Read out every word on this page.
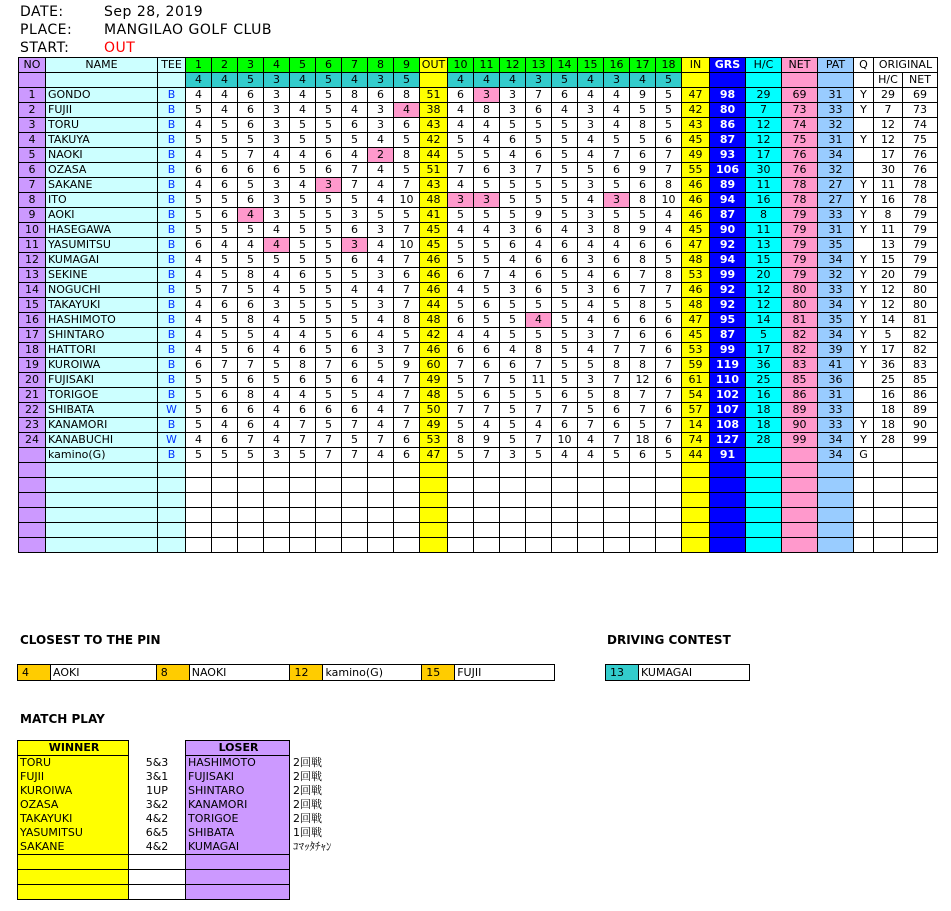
DATE:	Sep 28, 2019
PLACE: MANGILAO GOLF CLUB
START: OUT
NO	NAME	TEE	1	2	3	4	5	6	7	8	9	OUT	10	11	12	13	14	15	16	17	18	IN	GRS	H/C	NET	PAT	Q	ORIGINAL	
			4	4	5	3	4	5	4	3	5		4	4	4	3	5	4	3	4	5							H/C	NET
1	GONDO	B	4	4	6	3	4	5	8	6	8	51	6	3	3	7	6	4	4	9	5	47	98	29	69	31	Y	29	69
2	FUJII	B	5	4	6	3	4	5	4	3	4	38	4	8	3	6	4	3	4	5	5	42	80	7	73	33	Y	7	73
3	TORU	B	4	5	6	3	5	5	6	3	6	43	4	4	5	5	5	3	4	8	5	43	86	12	74	32		12	74
4	TAKUYA	B	5	5	5	3	5	5	5	4	5	42	5	4	6	5	5	4	5	5	6	45	87	12	75	31	Y	12	75
5	NAOKI	B	4	5	7	4	4	6	4	2	8	44	5	5	4	6	5	4	7	6	7	49	93	17	76	34		17	76
6	OZASA	B	6	6	6	6	5	6	7	4	5	51	7	6	3	7	5	5	6	9	7	55	106	30	76	32		30	76
7	SAKANE	B	4	6	5	3	4	3	7	4	7	43	4	5	5	5	5	3	5	6	8	46	89	11	78	27	Y	11	78
8	ITO	B	5	5	6	3	5	5	5	4	10	48	3	3	5	5	5	4	3	8	10	46	94	16	78	27	Y	16	78
9	AOKI	B	5	6	4	3	5	5	3	5	5	41	5	5	5	9	5	3	5	5	4	46	87	8	79	33	Y	8	79
10	HASEGAWA	B	5	5	5	4	5	5	6	3	7	45	4	4	3	6	4	3	8	9	4	45	90	11	79	31	Y	11	79
11	YASUMITSU	B	6	4	4	4	5	5	3	4	10	45	5	5	6	4	6	4	4	6	6	47	92	13	79	35		13	79
12	KUMAGAI	B	4	5	5	5	5	5	6	4	7	46	5	5	4	6	6	3	6	8	5	48	94	15	79	34	Y	15	79
13	SEKINE	B	4	5	8	4	6	5	5	3	6	46	6	7	4	6	5	4	6	7	8	53	99	20	79	32	Y	20	79
14	NOGUCHI	B	5	7	5	4	5	5	4	4	7	46	4	5	3	6	5	3	6	7	7	46	92	12	80	33	Y	12	80
15	TAKAYUKI	B	4	6	6	3	5	5	5	3	7	44	5	6	5	5	5	4	5	8	5	48	92	12	80	34	Y	12	80
16	HASHIMOTO	B	4	5	8	4	5	5	5	4	8	48	6	5	5	4	5	4	6	6	6	47	95	14	81	35	Y	14	81
17	SHINTARO	B	4	5	5	4	4	5	6	4	5	42	4	4	5	5	5	3	7	6	6	45	87	5	82	34	Y	5	82
18	HATTORI	B	4	5	6	4	6	5	6	3	7	46	6	6	4	8	5	4	7	7	6	53	99	17	82	39	Y	17	82
19	KUROIWA	B	6	7	7	5	8	7	6	5	9	60	7	6	6	7	5	5	8	8	7	59	119	36	83	41	Y	36	83
20	FUJISAKI	B	5	5	6	5	6	5	6	4	7	49	5	7	5	11	5	3	7	12	6	61	110	25	85	36		25	85
21	TORIGOE	B	5	6	8	4	4	5	5	4	7	48	5	6	5	5	6	5	8	7	7	54	102	16	86	31		16	86
22	SHIBATA	W	5	6	6	4	6	6	6	4	7	50	7	7	5	7	7	5	6	7	6	57	107	18	89	33		18	89
23	KANAMORI	B	5	4	6	4	7	5	7	4	7	49	5	4	5	4	6	7	6	5	7	14	108	18	90	33	Y	18	90
24	KANABUCHI	W	4	6	7	4	7	7	5	7	6	53	8	9	5	7	10	4	7	18	6	74	127	28	99	34	Y	28	99
	kamino(G)	B	5	5	5	3	5	7	7	4	6	47	5	7	3	5	4	4	5	6	5	44	91			34	G		

CLOSEST TO THE PIN	DRIVING CONTEST
4	AOKI	8	NAOKI	12	kamino(G)	15	FUJII	13	KUMAGAI
MATCH PLAY
WINNER		LOSER	
TORU	5&3	HASHIMOTO	2回戦
FUJII	3&1	FUJISAKI	2回戦
KUROIWA	1UP	SHINTARO	2回戦
OZASA	3&2	KANAMORI	2回戦
TAKAYUKI	4&2	TORIGOE	2回戦
YASUMITSU	6&5	SHIBATA	1回戦
SAKANE	4&2	KUMAGAI	ｺﾏｯﾀﾁｬﾝ
